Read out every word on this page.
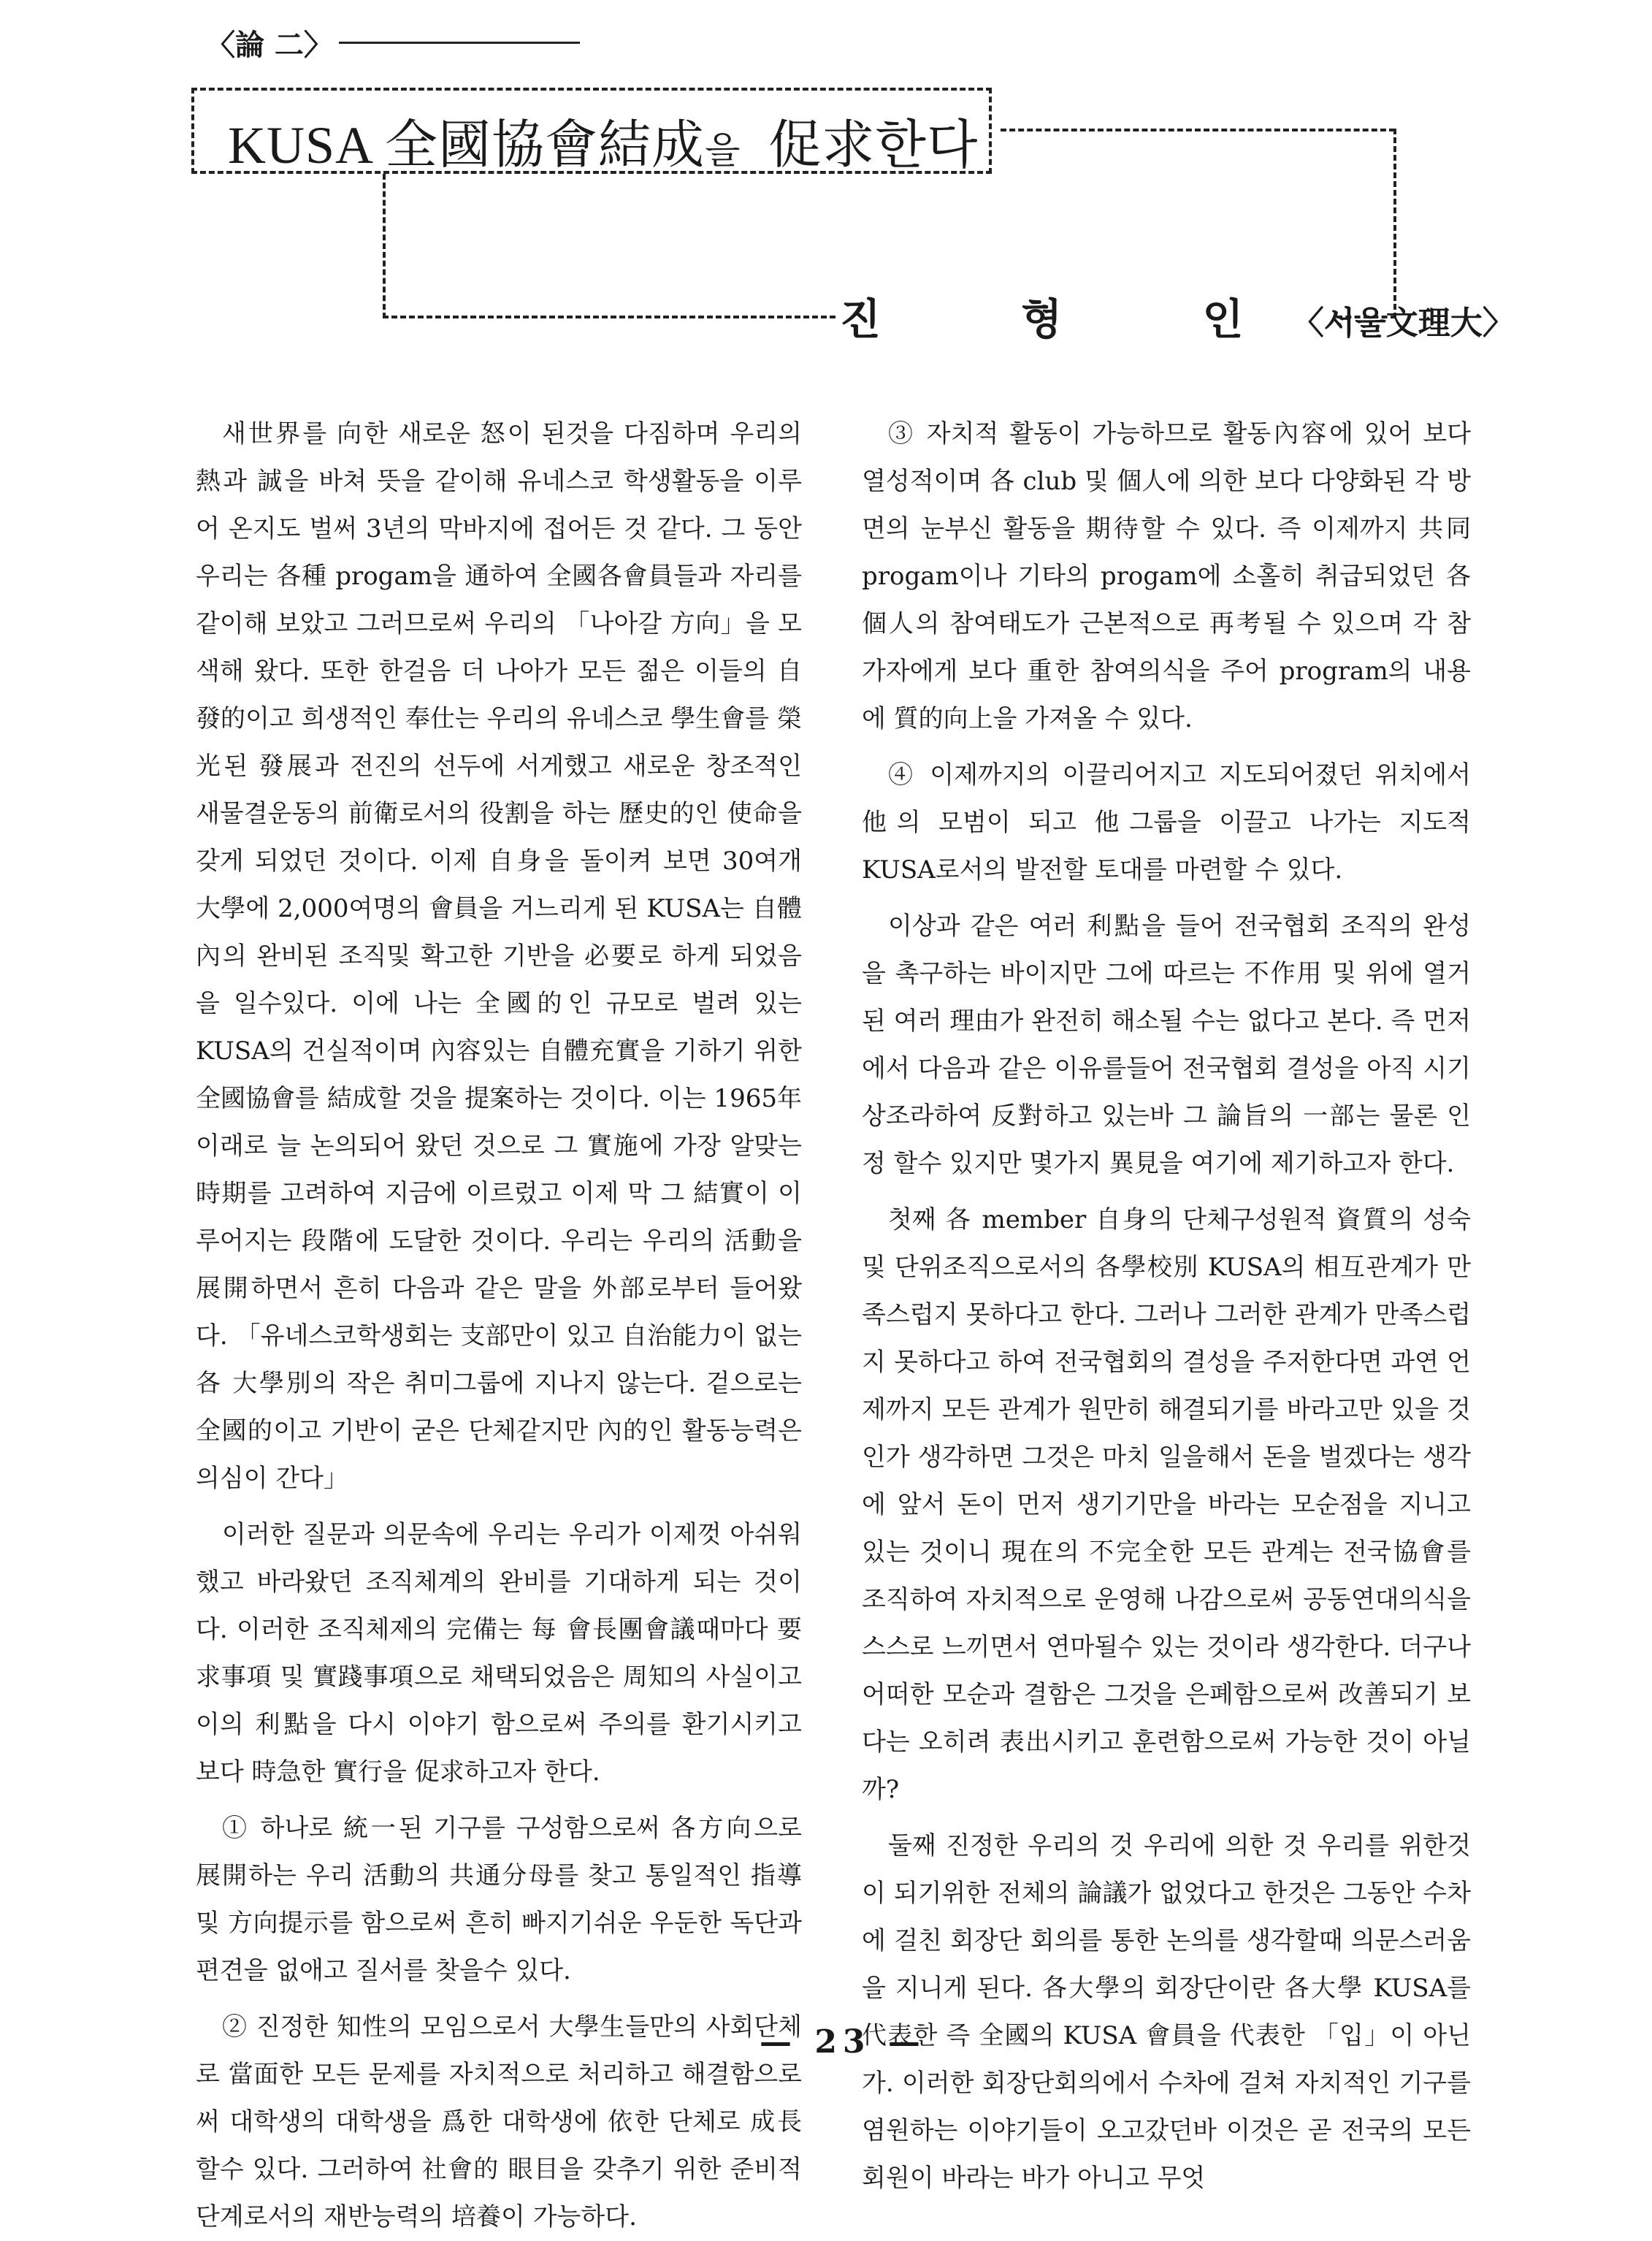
〈論 二〉
KUSA 全國協會結成을 促求한다
진 형 인 〈서울文理大〉

새世界를 向한 새로운 怒이 된것을 다짐하며 우리의 熱과 誠을 바쳐 뜻을 같이해 유네스코 학생활동을 이루어 온지도 벌써 3년의 막바지에 접어든 것 같다. 그 동안 우리는 各種 progam을 通하여 全國各會員들과 자리를 같이해 보았고 그러므로써 우리의 「나아갈 方向」을 모색해 왔다. 또한 한걸음 더 나아가 모든 젊은 이들의 自發的이고 희생적인 奉仕는 우리의 유네스코 學生會를 榮光된 發展과 전진의 선두에 서게했고 새로운 창조적인 새물결운동의 前衛로서의 役割을 하는 歷史的인 使命을 갖게 되었던 것이다. 이제 自身을 돌이켜 보면 30여개 大學에 2,000여명의 會員을 거느리게 된 KUSA는 自體內의 완비된 조직및 확고한 기반을 必要로 하게 되었음을 일수있다. 이에 나는 全國的인 규모로 벌려 있는 KUSA의 건실적이며 內容있는 自體充實을 기하기 위한 全國協會를 結成할 것을 提案하는 것이다. 이는 1965年 이래로 늘 논의되어 왔던 것으로 그 實施에 가장 알맞는 時期를 고려하여 지금에 이르렀고 이제 막 그 結實이 이루어지는 段階에 도달한 것이다. 우리는 우리의 活動을 展開하면서 흔히 다음과 같은 말을 外部로부터 들어왔다. 「유네스코학생회는 支部만이 있고 自治能力이 없는 各 大學別의 작은 취미그룹에 지나지 않는다. 겉으로는 全國的이고 기반이 굳은 단체같지만 內的인 활동능력은 의심이 간다」

이러한 질문과 의문속에 우리는 우리가 이제껏 아쉬워했고 바라왔던 조직체계의 완비를 기대하게 되는 것이다. 이러한 조직체제의 完備는 每 會長團會議때마다 要求事項 및 實踐事項으로 채택되었음은 周知의 사실이고 이의 利點을 다시 이야기 함으로써 주의를 환기시키고 보다 時急한 實行을 促求하고자 한다.

① 하나로 統一된 기구를 구성함으로써 各方向으로 展開하는 우리 活動의 共通分母를 찾고 통일적인 指導 및 方向提示를 함으로써 흔히 빠지기쉬운 우둔한 독단과 편견을 없애고 질서를 찾을수 있다.

② 진정한 知性의 모임으로서 大學生들만의 사회단체로 當面한 모든 문제를 자치적으로 처리하고 해결함으로써 대학생의 대학생을 爲한 대학생에 依한 단체로 成長할수 있다. 그러하여 社會的 眼目을 갖추기 위한 준비적 단계로서의 재반능력의 培養이 가능하다.

③ 자치적 활동이 가능하므로 활동內容에 있어 보다 열성적이며 各 club 및 個人에 의한 보다 다양화된 각 방면의 눈부신 활동을 期待할 수 있다. 즉 이제까지 共同 progam이나 기타의 progam에 소홀히 취급되었던 各個人의 참여태도가 근본적으로 再考될 수 있으며 각 참가자에게 보다 重한 참여의식을 주어 program의 내용에 質的向上을 가져올 수 있다.

④ 이제까지의 이끌리어지고 지도되어졌던 위치에서 他의 모범이 되고 他그룹을 이끌고 나가는 지도적 KUSA로서의 발전할 토대를 마련할 수 있다.

이상과 같은 여러 利點을 들어 전국협회 조직의 완성을 촉구하는 바이지만 그에 따르는 不作用 및 위에 열거된 여러 理由가 완전히 해소될 수는 없다고 본다. 즉 먼저에서 다음과 같은 이유를들어 전국협회 결성을 아직 시기상조라하여 反對하고 있는바 그 論旨의 一部는 물론 인정 할수 있지만 몇가지 異見을 여기에 제기하고자 한다.

첫째 各 member 自身의 단체구성원적 資質의 성숙 및 단위조직으로서의 各學校別 KUSA의 相互관계가 만족스럽지 못하다고 한다. 그러나 그러한 관계가 만족스럽지 못하다고 하여 전국협회의 결성을 주저한다면 과연 언제까지 모든 관계가 원만히 해결되기를 바라고만 있을 것인가 생각하면 그것은 마치 일을해서 돈을 벌겠다는 생각에 앞서 돈이 먼저 생기기만을 바라는 모순점을 지니고 있는 것이니 現在의 不完全한 모든 관계는 전국協會를 조직하여 자치적으로 운영해 나감으로써 공동연대의식을 스스로 느끼면서 연마될수 있는 것이라 생각한다. 더구나 어떠한 모순과 결함은 그것을 은폐함으로써 改善되기 보다는 오히려 表出시키고 훈련함으로써 가능한 것이 아닐까?

둘째 진정한 우리의 것 우리에 의한 것 우리를 위한것이 되기위한 전체의 論議가 없었다고 한것은 그동안 수차에 걸친 회장단 회의를 통한 논의를 생각할때 의문스러움을 지니게 된다. 各大學의 회장단이란 各大學 KUSA를 代表한 즉 全國의 KUSA 會員을 代表한 「입」이 아닌가. 이러한 회장단회의에서 수차에 걸쳐 자치적인 기구를 염원하는 이야기들이 오고갔던바 이것은 곧 전국의 모든회원이 바라는 바가 아니고 무엇

— 23 —
